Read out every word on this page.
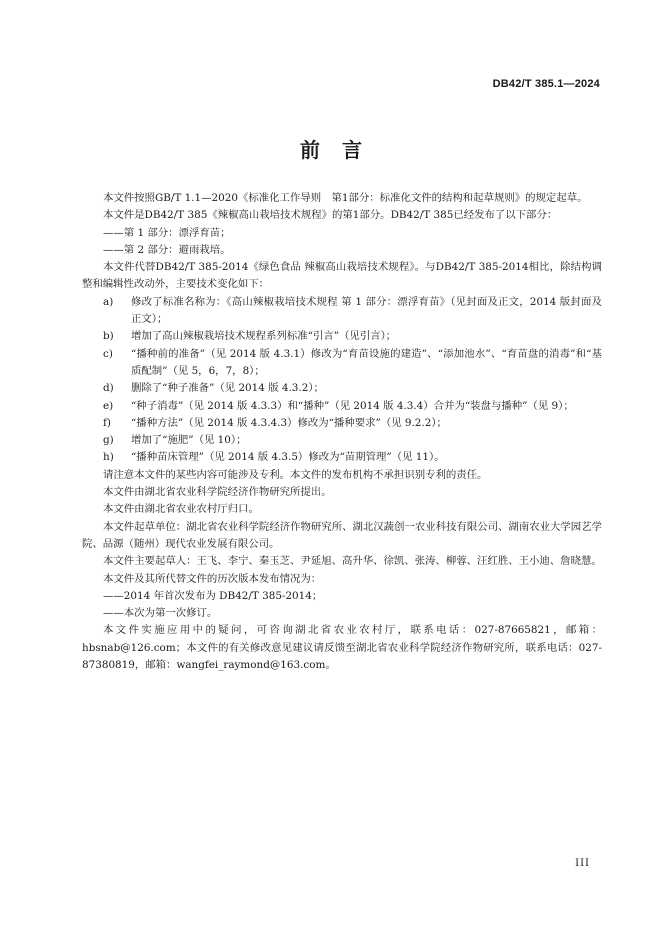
DB42/T 385.1—2024
前言

本文件按照GB/T 1.1—2020《标准化工作导则　第1部分：标准化文件的结构和起草规则》的规定起草。

本文件是DB42/T 385《辣椒高山栽培技术规程》的第1部分。DB42/T 385已经发布了以下部分：

——第 1 部分：漂浮育苗；

——第 2 部分：避雨栽培。

本文件代替DB42/T 385-2014《绿色食品 辣椒高山栽培技术规程》。与DB42/T 385-2014相比，除结构调整和编辑性改动外，主要技术变化如下：

a)	修改了标准名称为：《高山辣椒栽培技术规程 第 1 部分：漂浮育苗》（见封面及正文，2014 版封面及正文）；
b)	增加了高山辣椒栽培技术规程系列标准“引言”（见引言）；
c)	“播种前的准备”（见 2014 版 4.3.1）修改为“育苗设施的建造”、“添加池水”、“育苗盘的消毒”和“基质配制”（见 5，6，7，8）；
d)	删除了“种子准备”（见 2014 版 4.3.2）；
e)	“种子消毒”（见 2014 版 4.3.3）和“播种”（见 2014 版 4.3.4）合并为“装盘与播种”（见 9）；
f)	“播种方法”（见 2014 版 4.3.4.3）修改为“播种要求”（见 9.2.2）；
g)	增加了“施肥”（见 10）；
h)	“播种苗床管理”（见 2014 版 4.3.5）修改为“苗期管理”（见 11）。

请注意本文件的某些内容可能涉及专利。本文件的发布机构不承担识别专利的责任。

本文件由湖北省农业科学院经济作物研究所提出。

本文件由湖北省农业农村厅归口。

本文件起草单位：湖北省农业科学院经济作物研究所、湖北汉蔬创一农业科技有限公司、湖南农业大学园艺学院、品源（随州）现代农业发展有限公司。

本文件主要起草人：王飞、李宁、秦玉芝、尹延旭、高升华、徐凯、张涛、柳蓉、汪红胜、王小迪、詹晓慧。

本文件及其所代替文件的历次版本发布情况为：

——2014 年首次发布为 DB42/T 385-2014；

——本次为第一次修订。

本文件实施应用中的疑问，可咨询湖北省农业农村厅，联系电话：027-87665821，邮箱：hbsnab@126.com；本文件的有关修改意见建议请反馈至湖北省农业科学院经济作物研究所，联系电话：027-87380819，邮箱：wangfei_raymond@163.com。

III
